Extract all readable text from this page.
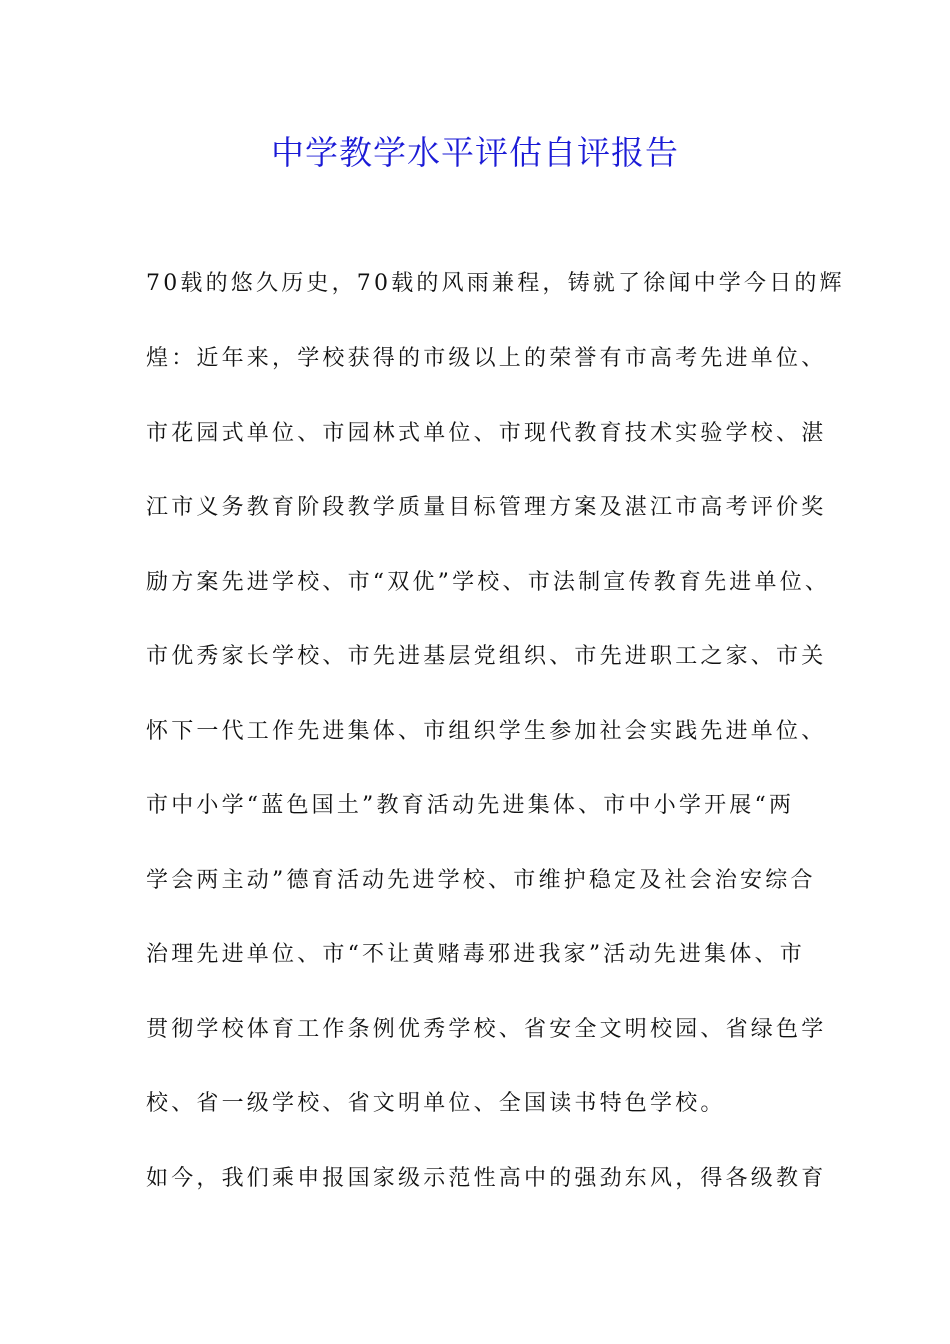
中学教学水平评估自评报告

70载的悠久历史，70载的风雨兼程，铸就了徐闻中学今日的辉

煌：近年来，学校获得的市级以上的荣誉有市高考先进单位、

市花园式单位、市园林式单位、市现代教育技术实验学校、湛

江市义务教育阶段教学质量目标管理方案及湛江市高考评价奖

励方案先进学校、市“双优”学校、市法制宣传教育先进单位、

市优秀家长学校、市先进基层党组织、市先进职工之家、市关

怀下一代工作先进集体、市组织学生参加社会实践先进单位、

市中小学“蓝色国土”教育活动先进集体、市中小学开展“两

学会两主动”德育活动先进学校、市维护稳定及社会治安综合

治理先进单位、市“不让黄赌毒邪进我家”活动先进集体、市

贯彻学校体育工作条例优秀学校、省安全文明校园、省绿色学

校、省一级学校、省文明单位、全国读书特色学校。

如今，我们乘申报国家级示范性高中的强劲东风，得各级教育
